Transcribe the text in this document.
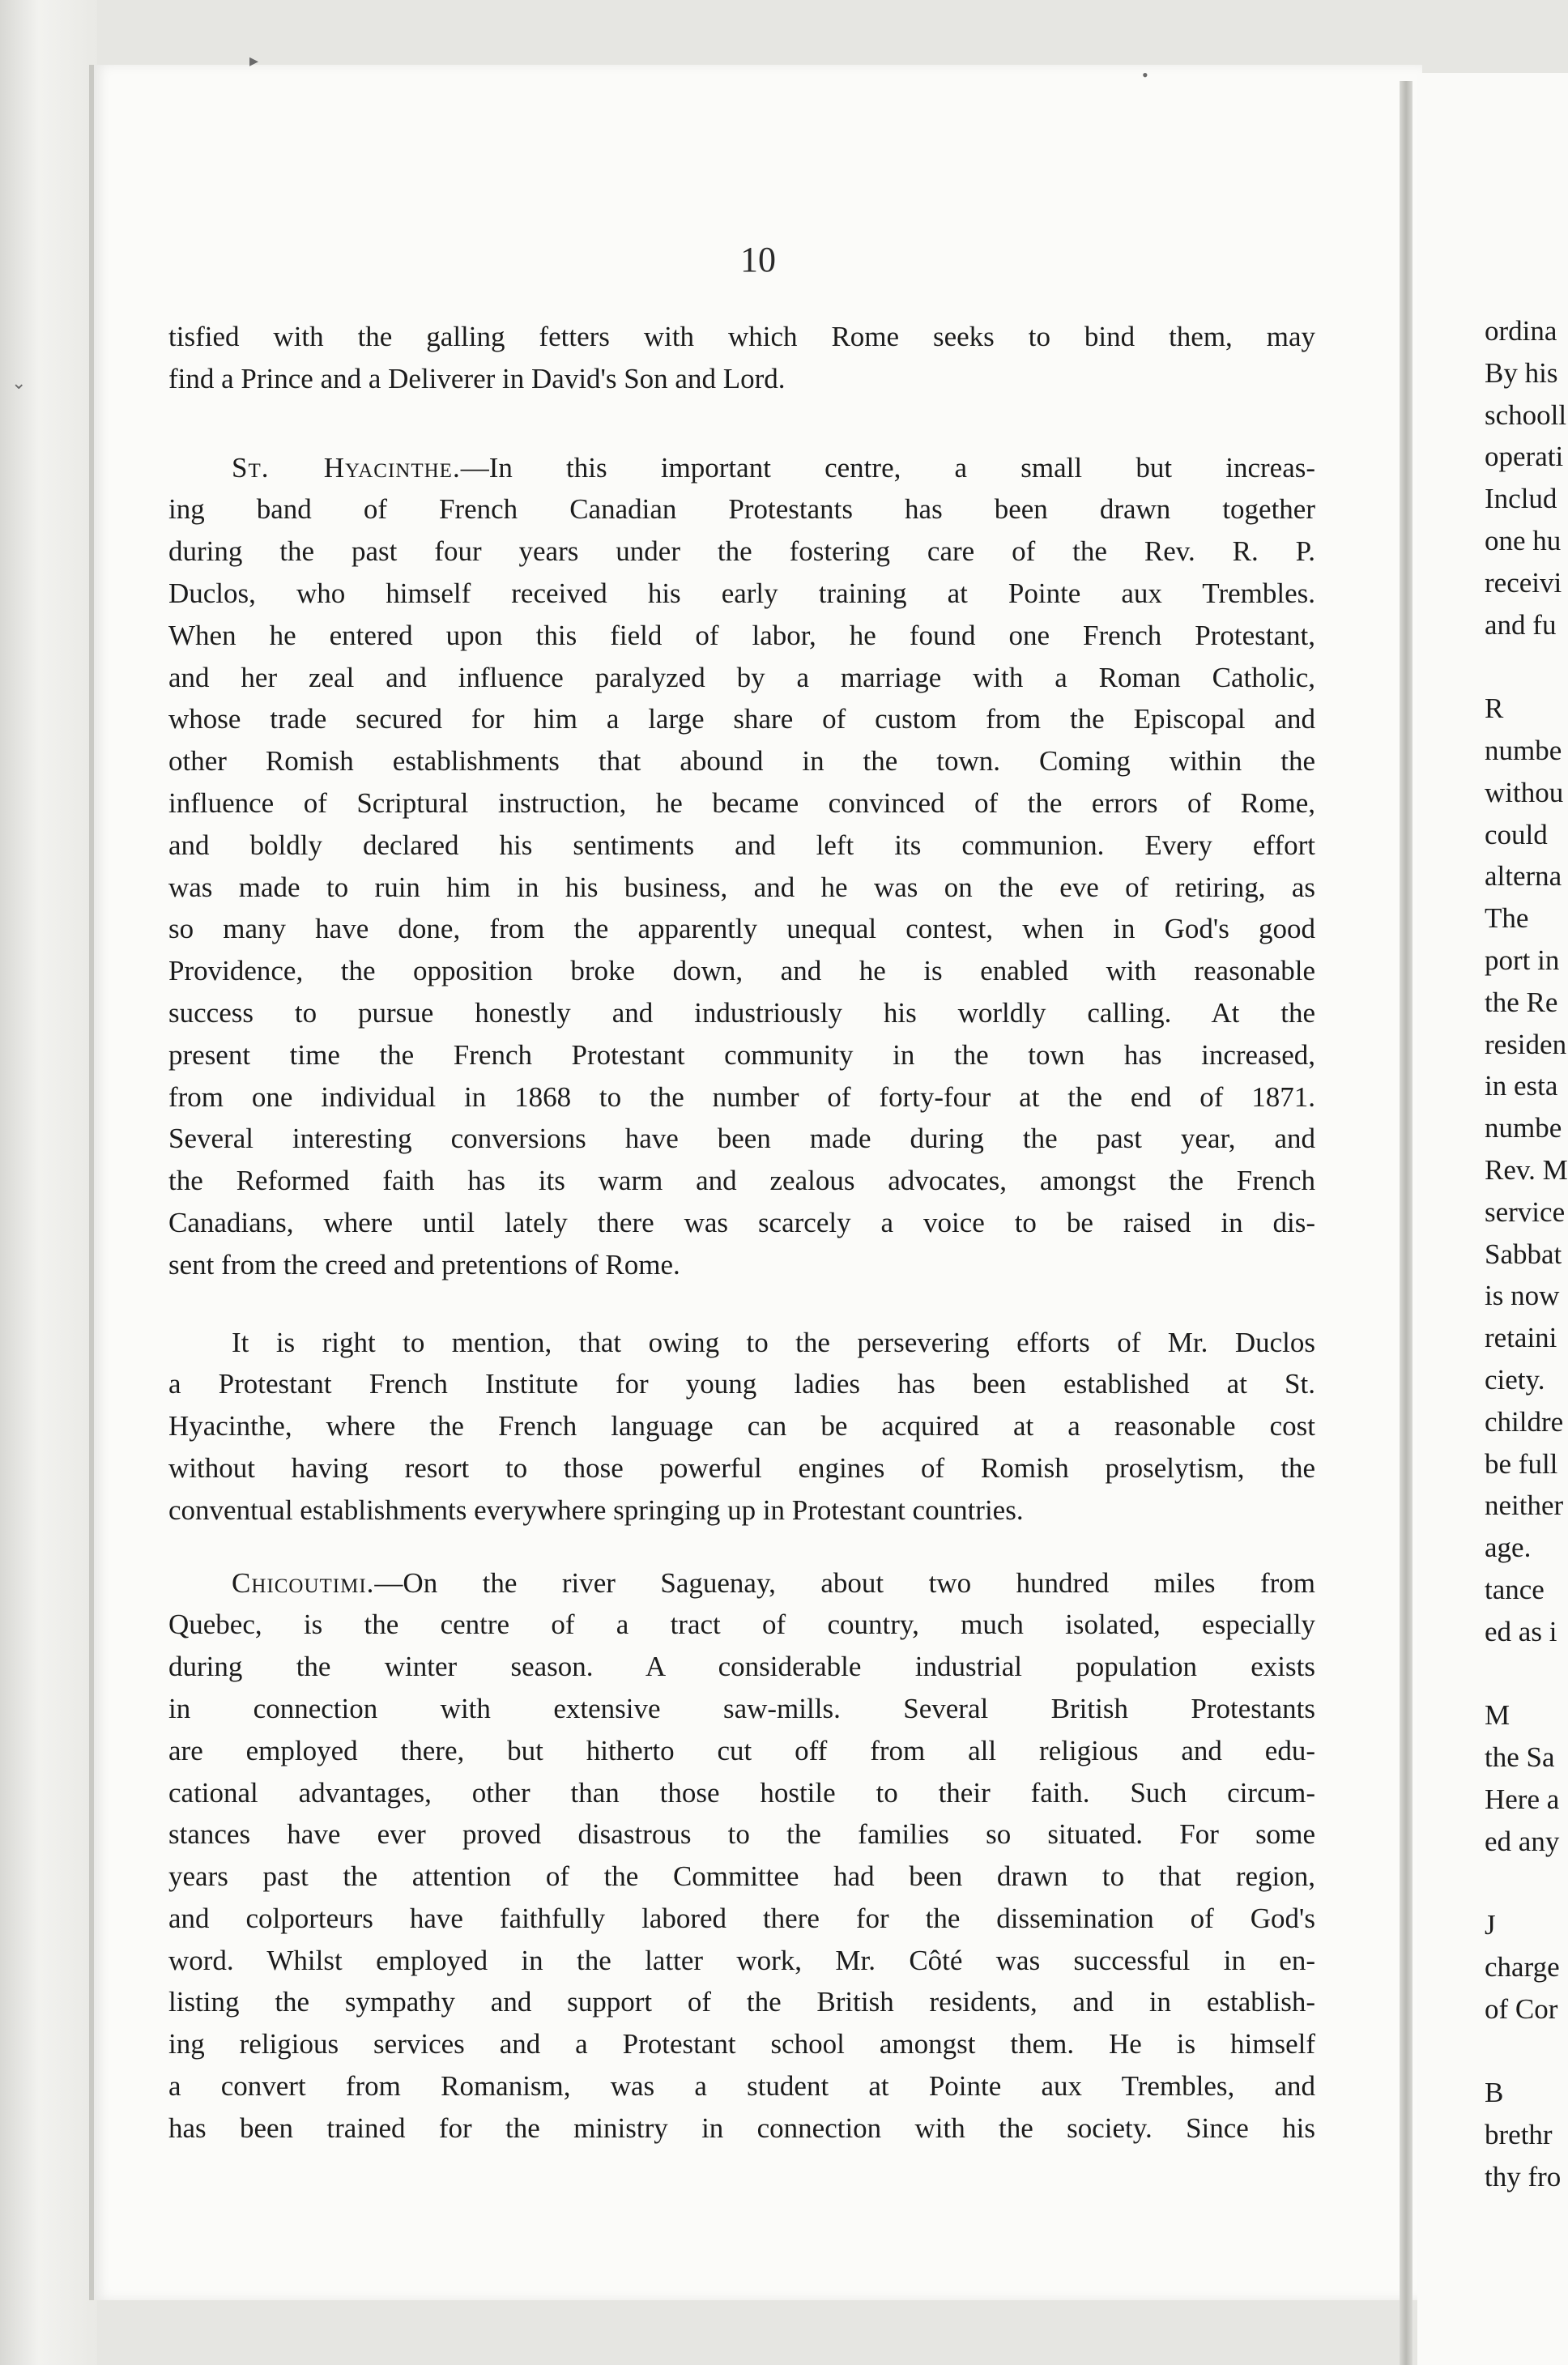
10
tisfied with the galling fetters with which Rome seeks to bind them, may
find a Prince and a Deliverer in David's Son and Lord.
St. Hyacinthe.—In this important centre, a small but increas-
ing band of French Canadian Protestants has been drawn together
during the past four years under the fostering care of the Rev. R. P.
Duclos, who himself received his early training at Pointe aux Trembles.
When he entered upon this field of labor, he found one French Protestant,
and her zeal and influence paralyzed by a marriage with a Roman Catholic,
whose trade secured for him a large share of custom from the Episcopal and
other Romish establishments that abound in the town. Coming within the
influence of Scriptural instruction, he became convinced of the errors of Rome,
and boldly declared his sentiments and left its communion. Every effort
was made to ruin him in his business, and he was on the eve of retiring, as
so many have done, from the apparently unequal contest, when in God's good
Providence, the opposition broke down, and he is enabled with reasonable
success to pursue honestly and industriously his worldly calling. At the
present time the French Protestant community in the town has increased,
from one individual in 1868 to the number of forty-four at the end of 1871.
Several interesting conversions have been made during the past year, and
the Reformed faith has its warm and zealous advocates, amongst the French
Canadians, where until lately there was scarcely a voice to be raised in dis-
sent from the creed and pretentions of Rome.
It is right to mention, that owing to the persevering efforts of Mr. Duclos
a Protestant French Institute for young ladies has been established at St.
Hyacinthe, where the French language can be acquired at a reasonable cost
without having resort to those powerful engines of Romish proselytism, the
conventual establishments everywhere springing up in Protestant countries.
Chicoutimi.—On the river Saguenay, about two hundred miles from
Quebec, is the centre of a tract of country, much isolated, especially
during the winter season. A considerable industrial population exists
in connection with extensive saw-mills. Several British Protestants
are employed there, but hitherto cut off from all religious and edu-
cational advantages, other than those hostile to their faith. Such circum-
stances have ever proved disastrous to the families so situated. For some
years past the attention of the Committee had been drawn to that region,
and colporteurs have faithfully labored there for the dissemination of God's
word. Whilst employed in the latter work, Mr. Côté was successful in en-
listing the sympathy and support of the British residents, and in establish-
ing religious services and a Protestant school amongst them. He is himself
a convert from Romanism, was a student at Pointe aux Trembles, and
has been trained for the ministry in connection with the society. Since his
ordina
By his
schooll
operati
Includ
one hu
receivi
and fu
R
numbe
withou
could
alterna
The
port in
the Re
residen
in esta
numbe
Rev. M
service
Sabbat
is now
retaini
ciety.
childre
be full
neither
age.
tance
ed as i
M
the Sa
Here a
ed any
J
charge
of Cor
B
brethr
thy fro
▸
⌄
•
